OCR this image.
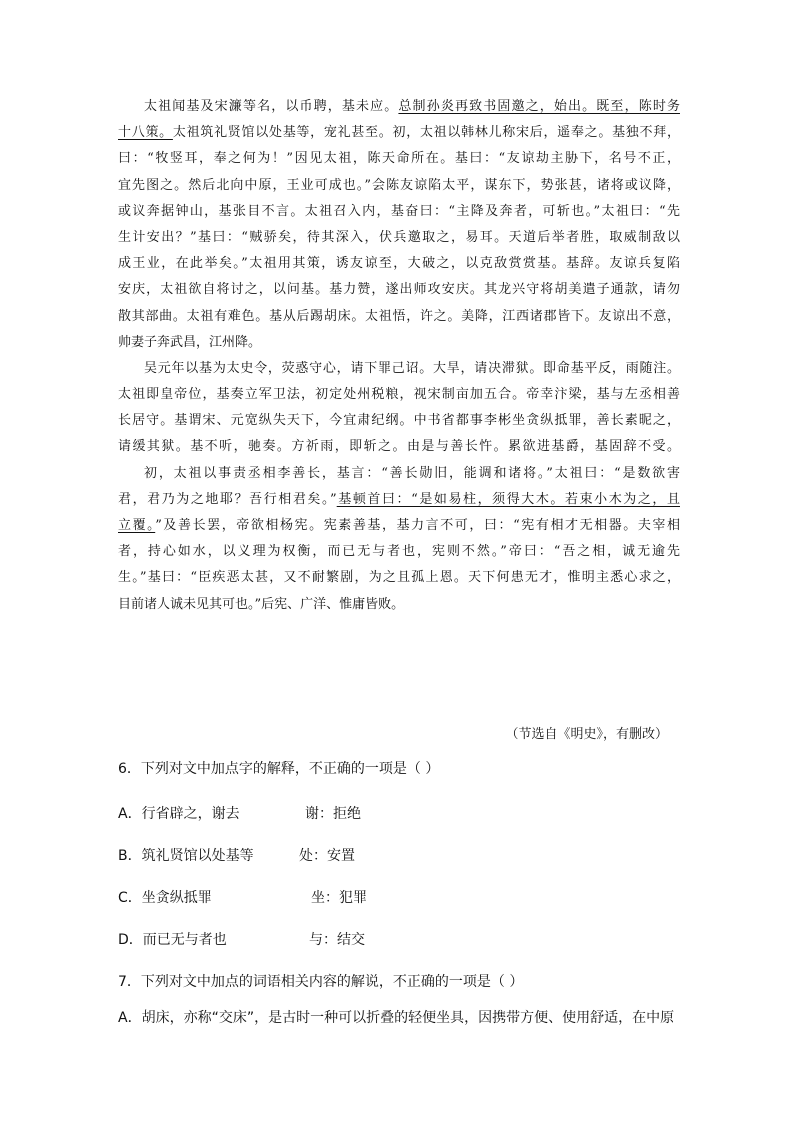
太祖闻基及宋濂等名，以币聘，基未应。总制孙炎再致书固邀之，始出。既至，陈时务
十八策。太祖筑礼贤馆以处基等，宠礼甚至。初，太祖以韩林儿称宋后，遥奉之。基独不拜，
曰：“牧竖耳，奉之何为！”因见太祖，陈天命所在。基曰：“友谅劫主胁下，名号不正，
宜先图之。然后北向中原，王业可成也。”会陈友谅陷太平，谋东下，势张甚，诸将或议降，
或议奔据钟山，基张目不言。太祖召入内，基奋曰：“主降及奔者，可斩也。”太祖曰：“先
生计安出？”基曰：“贼骄矣，待其深入，伏兵邀取之，易耳。天道后举者胜，取威制敌以
成王业，在此举矣。”太祖用其策，诱友谅至，大破之，以克敌赏赏基。基辞。友谅兵复陷
安庆，太祖欲自将讨之，以问基。基力赞，遂出师攻安庆。其龙兴守将胡美遣子通款，请勿
散其部曲。太祖有难色。基从后踢胡床。太祖悟，许之。美降，江西诸郡皆下。友谅出不意，
帅妻子奔武昌，江州降。
吴元年以基为太史令，荧惑守心，请下罪己诏。大旱，请决滞狱。即命基平反，雨随注。
太祖即皇帝位，基奏立军卫法，初定处州税粮，视宋制亩加五合。帝幸汴梁，基与左丞相善
长居守。基谓宋、元宽纵失天下，今宜肃纪纲。中书省都事李彬坐贪纵抵罪，善长素昵之，
请缓其狱。基不听，驰奏。方祈雨，即斩之。由是与善长忤。累欲进基爵，基固辞不受。
初，太祖以事责丞相李善长，基言：“善长勋旧，能调和诸将。”太祖曰：“是数欲害
君，君乃为之地耶？吾行相君矣。”基顿首曰：“是如易柱，须得大木。若束小木为之，且
立覆。”及善长罢，帝欲相杨宪。宪素善基，基力言不可，曰：“宪有相才无相器。夫宰相
者，持心如水，以义理为权衡，而已无与者也，宪则不然。”帝曰：“吾之相，诚无逾先
生。”基曰：“臣疾恶太甚，又不耐繁剧，为之且孤上恩。天下何患无才，惟明主悉心求之，
目前诸人诚未见其可也。”后宪、广洋、惟庸皆败。
（节选自《明史》，有删改）
6．下列对文中加点字的解释，不正确的一项是（ ）
A．行省辟之，谢去	谢：拒绝
B．筑礼贤馆以处基等	处：安置
C．坐贪纵抵罪	坐：犯罪
D．而已无与者也	与：结交
7．下列对文中加点的词语相关内容的解说，不正确的一项是（ ）
A．胡床，亦称“交床”，是古时一种可以折叠的轻便坐具，因携带方便、使用舒适，在中原
